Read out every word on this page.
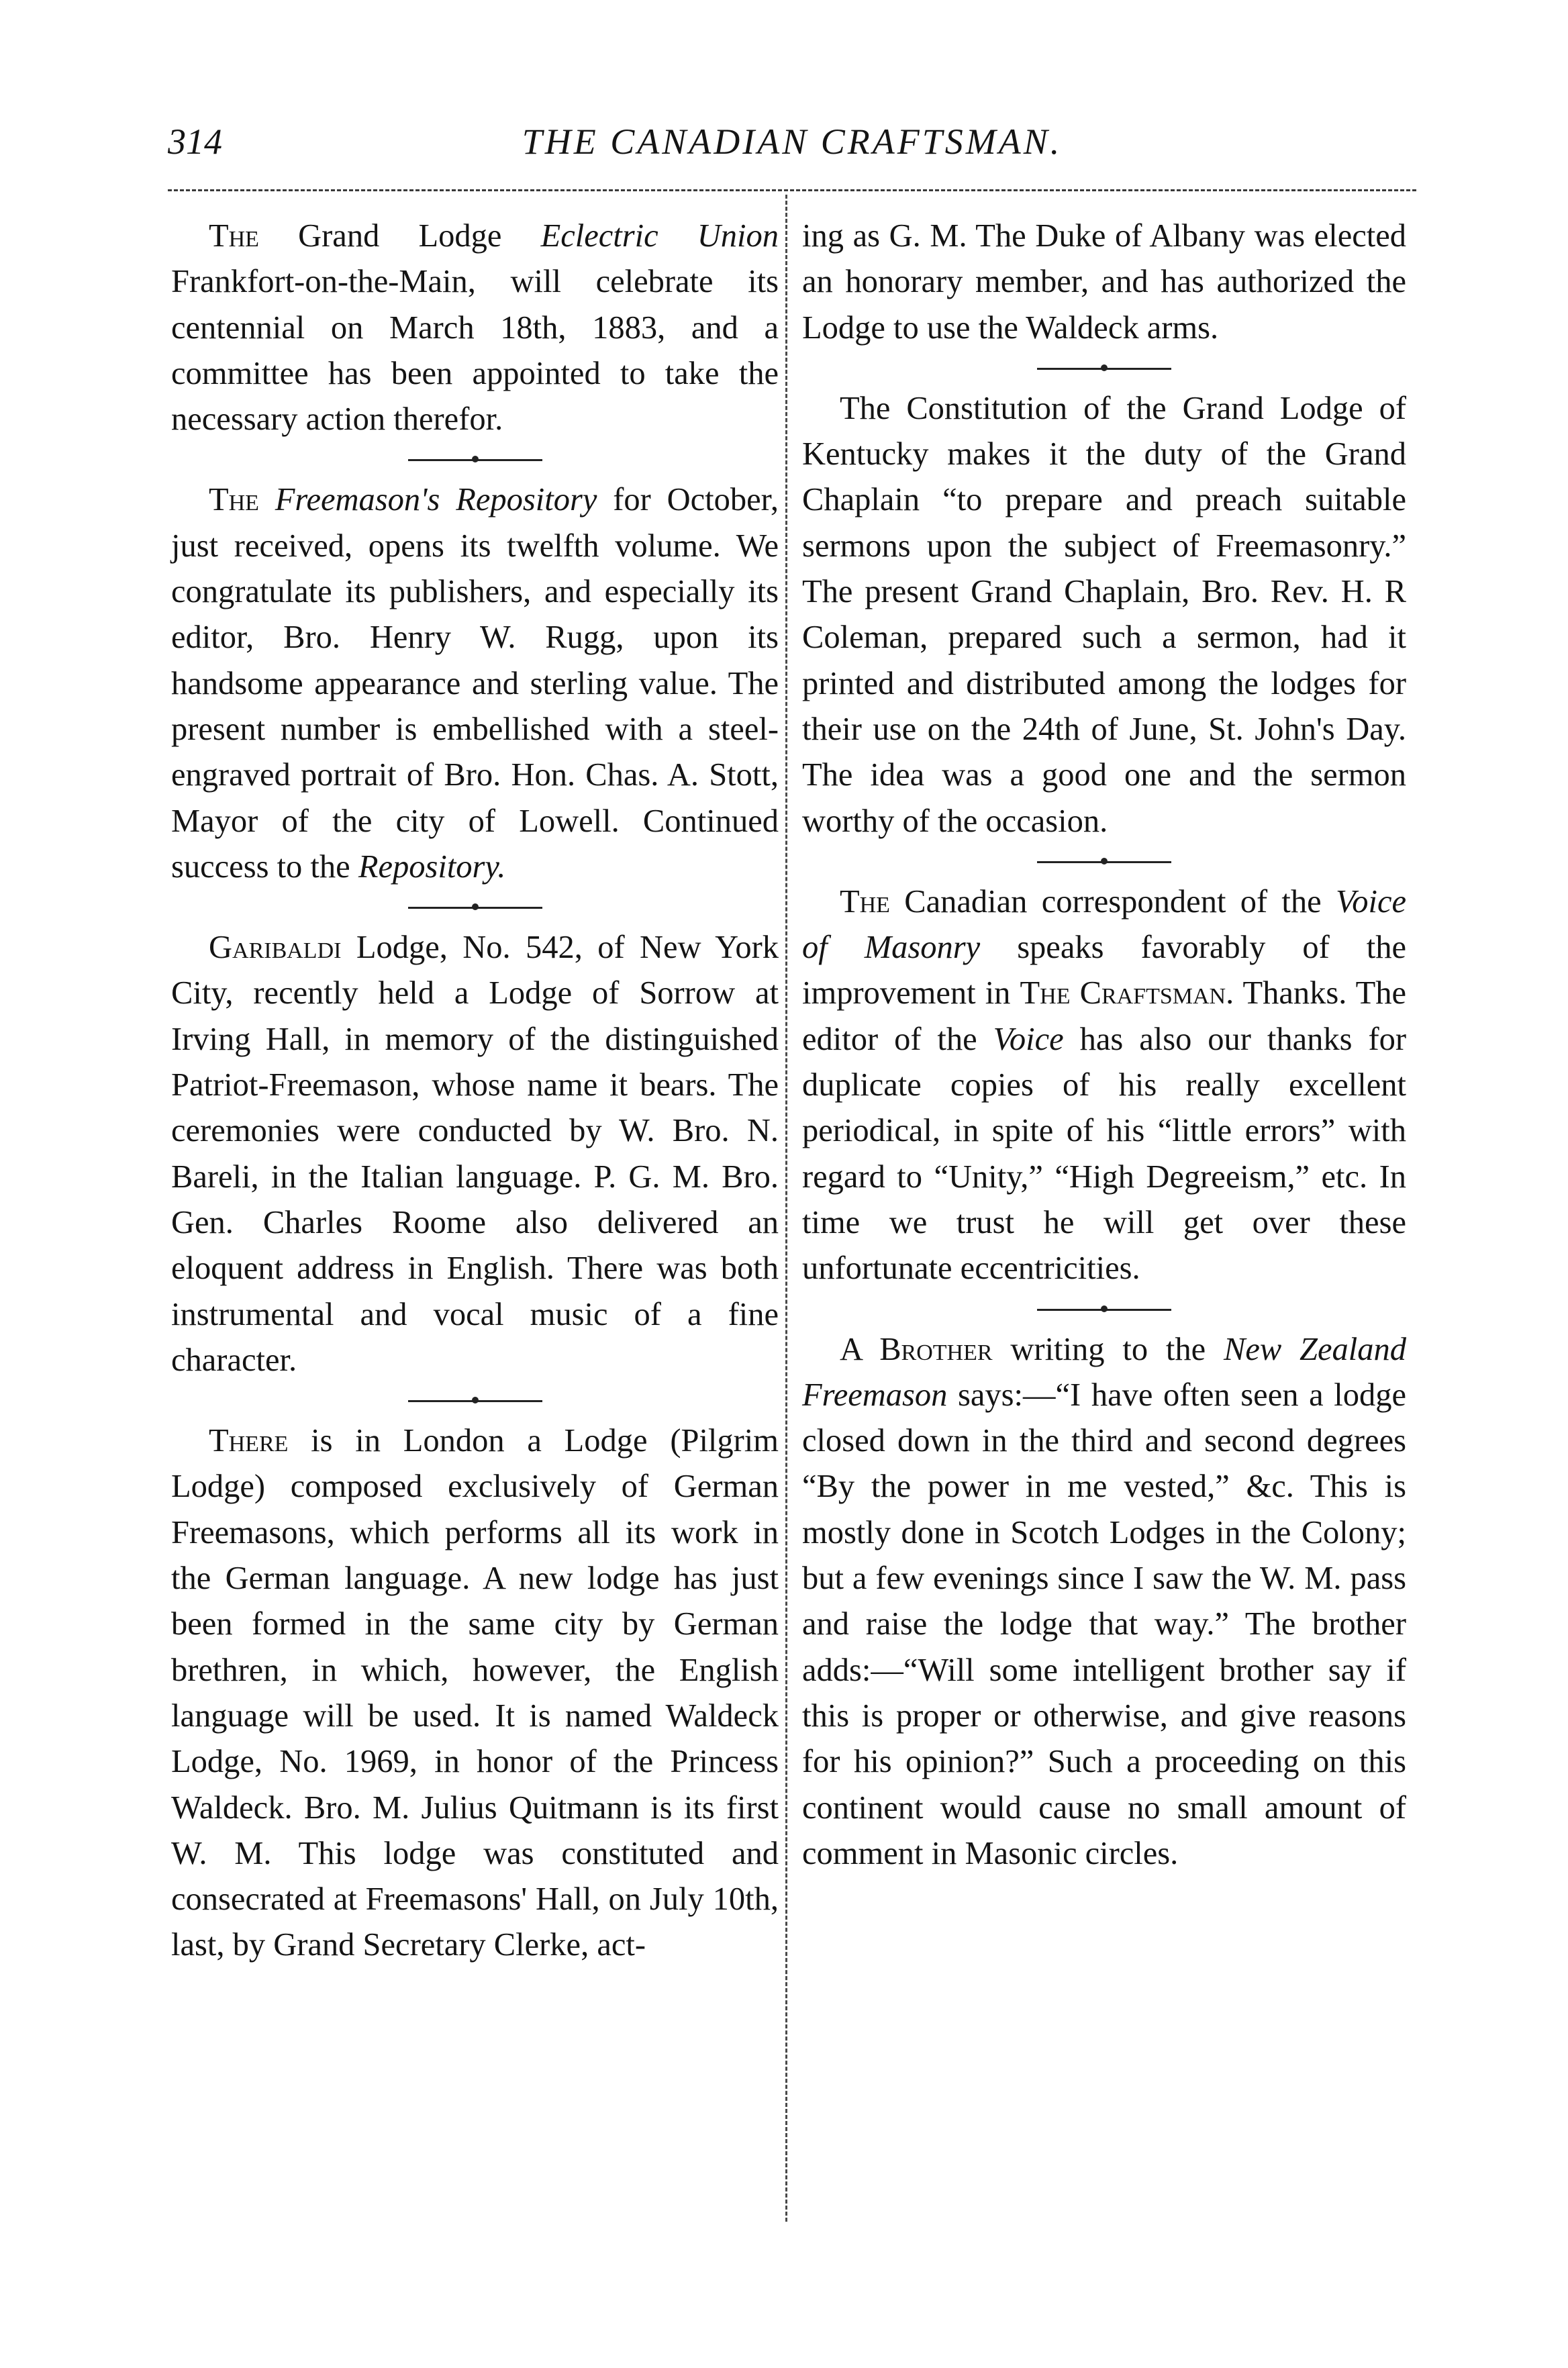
314	THE CANADIAN CRAFTSMAN.

The Grand Lodge Eclectric Union Frankfort-on-the-Main, will celebrate its centennial on March 18th, 1883, and a committee has been appointed to take the necessary action therefor.

The Freemason's Repository for October, just received, opens its twelfth volume. We congratulate its publishers, and especially its editor, Bro. Henry W. Rugg, upon its handsome appearance and sterling value. The present number is embellished with a steel-engraved portrait of Bro. Hon. Chas. A. Stott, Mayor of the city of Lowell. Continued success to the Repository.

Garibaldi Lodge, No. 542, of New York City, recently held a Lodge of Sorrow at Irving Hall, in memory of the distinguished Patriot-Freemason, whose name it bears. The ceremonies were conducted by W. Bro. N. Bareli, in the Italian language. P. G. M. Bro. Gen. Charles Roome also delivered an eloquent address in English. There was both instrumental and vocal music of a fine character.

There is in London a Lodge (Pilgrim Lodge) composed exclusively of German Freemasons, which performs all its work in the German language. A new lodge has just been formed in the same city by German brethren, in which, however, the English language will be used. It is named Waldeck Lodge, No. 1969, in honor of the Princess Waldeck. Bro. M. Julius Quitmann is its first W. M. This lodge was constituted and consecrated at Freemasons' Hall, on July 10th, last, by Grand Secretary Clerke, act-

ing as G. M. The Duke of Albany was elected an honorary member, and has authorized the Lodge to use the Waldeck arms.

The Constitution of the Grand Lodge of Kentucky makes it the duty of the Grand Chaplain “to prepare and preach suitable sermons upon the subject of Freemasonry.” The present Grand Chaplain, Bro. Rev. H. R Coleman, prepared such a sermon, had it printed and distributed among the lodges for their use on the 24th of June, St. John's Day. The idea was a good one and the sermon worthy of the occasion.

The Canadian correspondent of the Voice of Masonry speaks favorably of the improvement in The Craftsman. Thanks. The editor of the Voice has also our thanks for duplicate copies of his really excellent periodical, in spite of his “little errors” with regard to “Unity,” “High Degreeism,” etc. In time we trust he will get over these unfortunate eccentricities.

A Brother writing to the New Zealand Freemason says:—“I have often seen a lodge closed down in the third and second degrees “By the power in me vested,” &c. This is mostly done in Scotch Lodges in the Colony; but a few evenings since I saw the W. M. pass and raise the lodge that way.” The brother adds:—“Will some intelligent brother say if this is proper or otherwise, and give reasons for his opinion?” Such a proceeding on this continent would cause no small amount of comment in Masonic circles.
